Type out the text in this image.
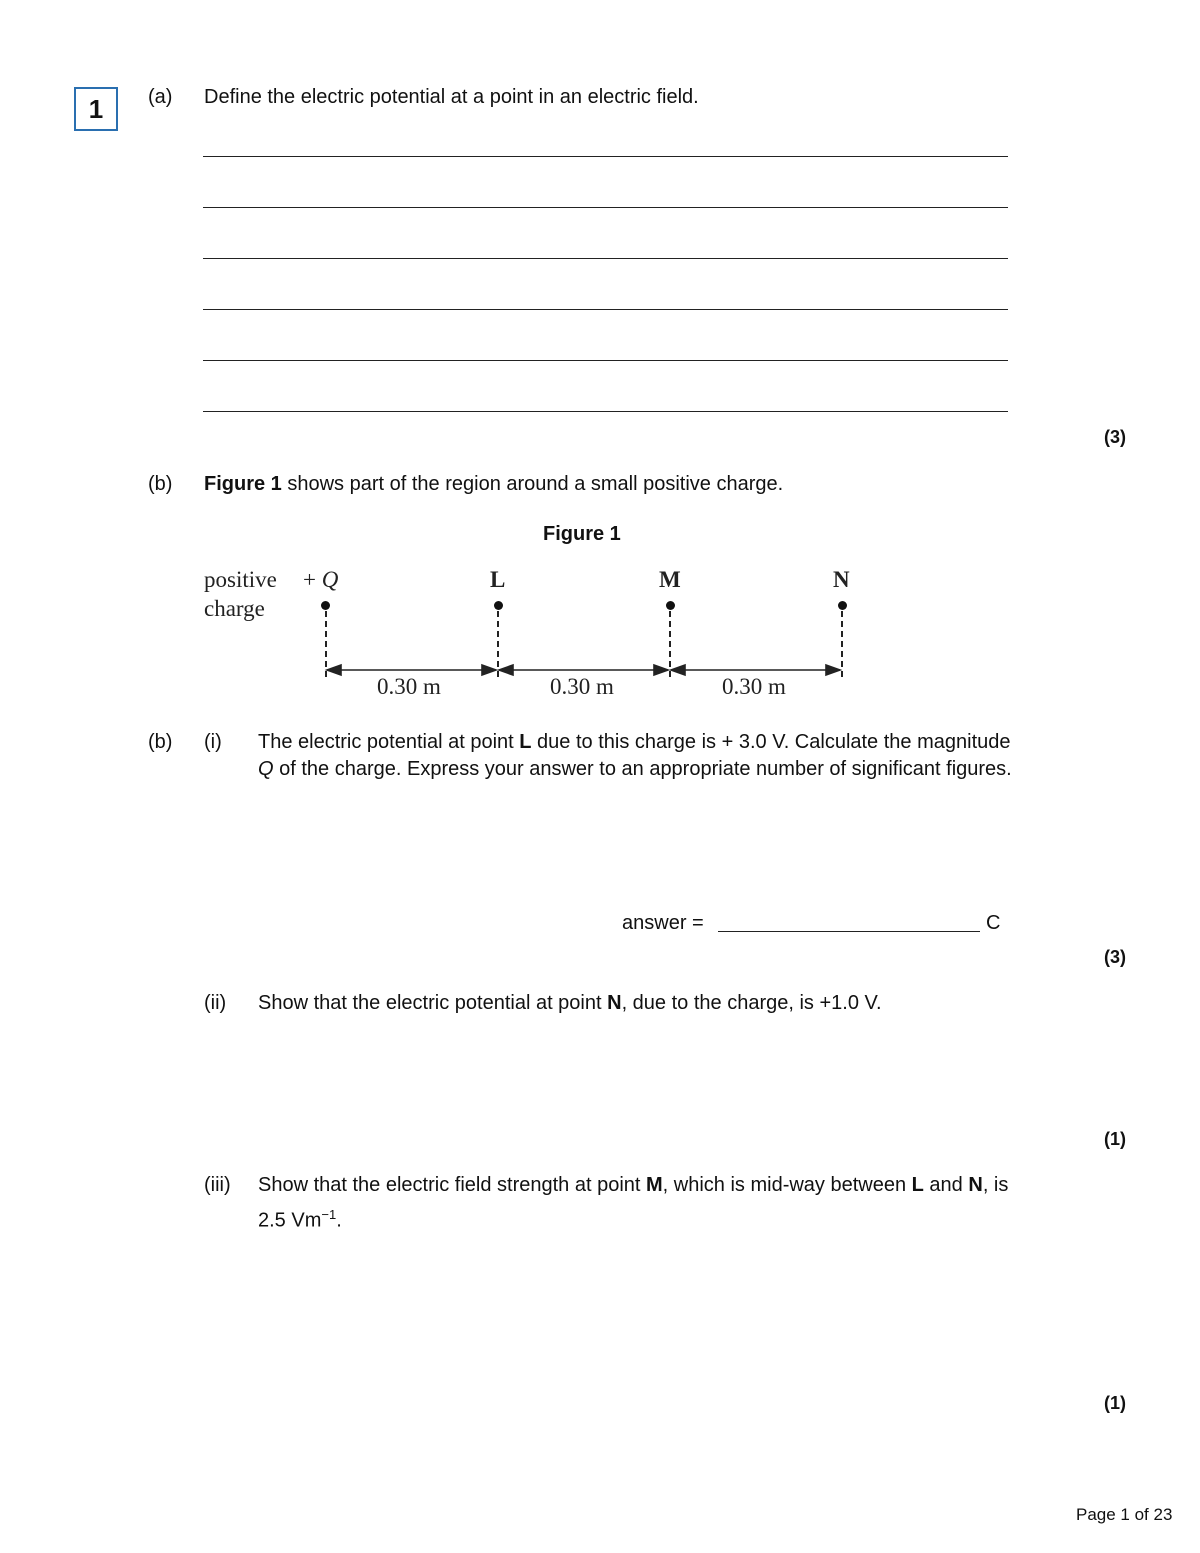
1	(a) Define the electric potential at a point in an electric field.
(3)
(b) Figure 1 shows part of the region around a small positive charge.
Figure 1
positive
charge
+ Q	L	M	N
0.30 m	0.30 m	0.30 m
(b) (i) The electric potential at point L due to this charge is + 3.0 V. Calculate the magnitude
Q of the charge. Express your answer to an appropriate number of significant figures.
answer =	C
(3)
(ii) Show that the electric potential at point N, due to the charge, is +1.0 V.
(1)
(iii) Show that the electric field strength at point M, which is mid-way between L and N, is
2.5 $Vm^{-1}$.
(1)
Page 1 of 23
